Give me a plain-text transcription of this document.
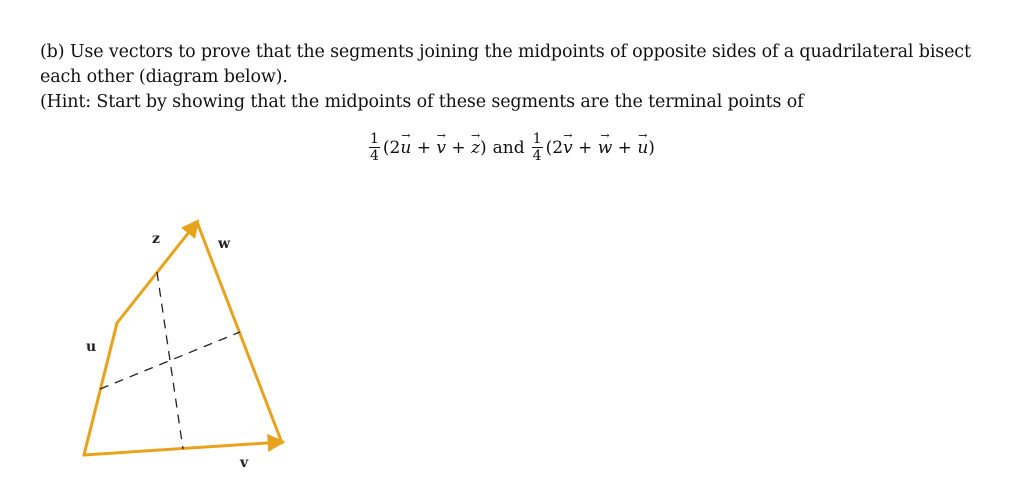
(b) Use vectors to prove that the segments joining the midpoints of opposite sides of a quadrilateral bisect
each other (diagram below).
(Hint: Start by showing that the midpoints of these segments are the terminal points of
$\frac{1}{4} (2\to u$ + → v + → z) and $\frac{1}{4} (2\to v$ + → w + → u)
z	w
u
v
